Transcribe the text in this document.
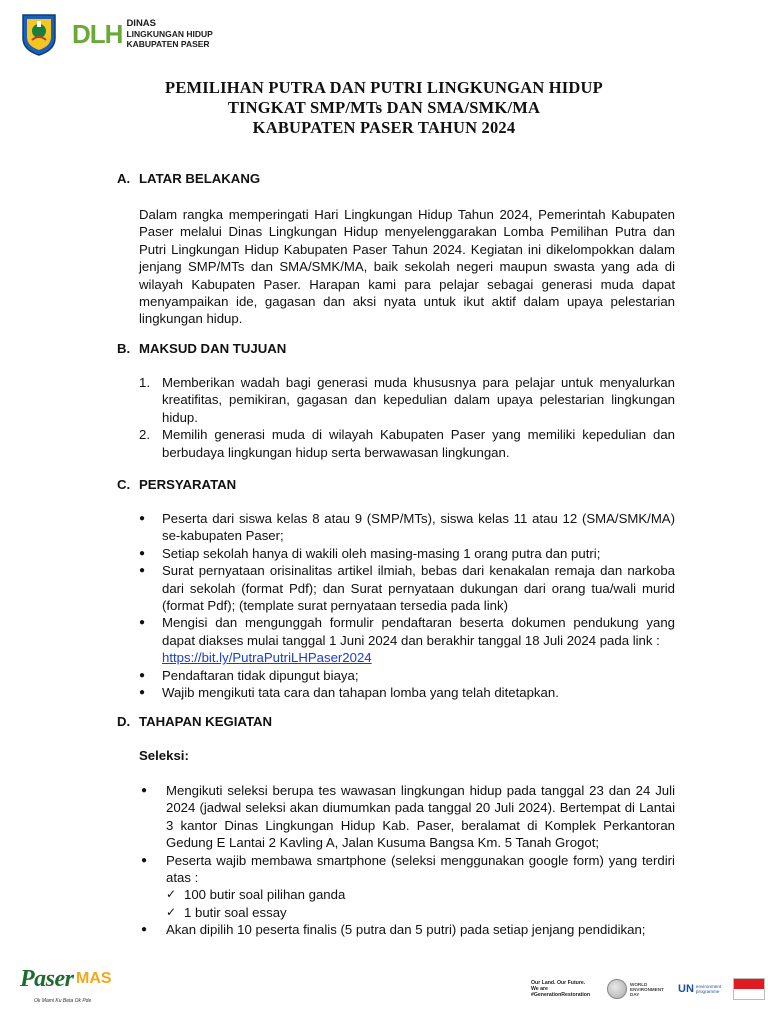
DLH DINAS
LINGKUNGAN HIDUP
KABUPATEN PASER
PEMILIHAN PUTRA DAN PUTRI LINGKUNGAN HIDUP
TINGKAT SMP/MTs DAN SMA/SMK/MA
KABUPATEN PASER TAHUN 2024
A. LATAR BELAKANG
Dalam rangka memperingati Hari Lingkungan Hidup Tahun 2024, Pemerintah Kabupaten Paser melalui Dinas Lingkungan Hidup menyelenggarakan Lomba Pemilihan Putra dan Putri Lingkungan Hidup Kabupaten Paser Tahun 2024. Kegiatan ini dikelompokkan dalam jenjang SMP/MTs dan SMA/SMK/MA, baik sekolah negeri maupun swasta yang ada di wilayah Kabupaten Paser. Harapan kami para pelajar sebagai generasi muda dapat menyampaikan ide, gagasan dan aksi nyata untuk ikut aktif dalam upaya pelestarian lingkungan hidup.
B. MAKSUD DAN TUJUAN
1. Memberikan wadah bagi generasi muda khususnya para pelajar untuk menyalurkan kreatifitas, pemikiran, gagasan dan kepedulian dalam upaya pelestarian lingkungan hidup.
2. Memilih generasi muda di wilayah Kabupaten Paser yang memiliki kepedulian dan berbudaya lingkungan hidup serta berwawasan lingkungan.
C. PERSYARATAN
●	Peserta dari siswa kelas 8 atau 9 (SMP/MTs), siswa kelas 11 atau 12 (SMA/SMK/MA) se-kabupaten Paser;
●	Setiap sekolah hanya di wakili oleh masing-masing 1 orang putra dan putri;
●	Surat pernyataan orisinalitas artikel ilmiah, bebas dari kenakalan remaja dan narkoba dari sekolah (format Pdf); dan Surat pernyataan dukungan dari orang tua/wali murid (format Pdf); (template surat pernyataan tersedia pada link)
●	Mengisi dan mengunggah formulir pendaftaran beserta dokumen pendukung yang dapat diakses mulai tanggal 1 Juni 2024 dan berakhir tanggal 18 Juli 2024 pada link :
https://bit.ly/PutraPutriLHPaser2024
●	Pendaftaran tidak dipungut biaya;
●	Wajib mengikuti tata cara dan tahapan lomba yang telah ditetapkan.
D. TAHAPAN KEGIATAN
Seleksi:
●	Mengikuti seleksi berupa tes wawasan lingkungan hidup pada tanggal 23 dan 24 Juli 2024 (jadwal seleksi akan diumumkan pada tanggal 20 Juli 2024). Bertempat di Lantai 3 kantor Dinas Lingkungan Hidup Kab. Paser, beralamat di Komplek Perkantoran Gedung E Lantai 2 Kavling A, Jalan Kusuma Bangsa Km. 5 Tanah Grogot;
●	Peserta wajib membawa smartphone (seleksi menggunakan google form) yang terdiri atas :
✓ 100 butir soal pilihan ganda
✓ 1 butir soal essay
●	Akan dipilih 10 peserta finalis (5 putra dan 5 putri) pada setiap jenjang pendidikan;
Paser MAS
Ok Mami Ku Beta Ok Pde
Our Land. Our Future.
We are
#GenerationRestoration
WORLD
ENVIRONMENT
DAY	UN environment
programme
